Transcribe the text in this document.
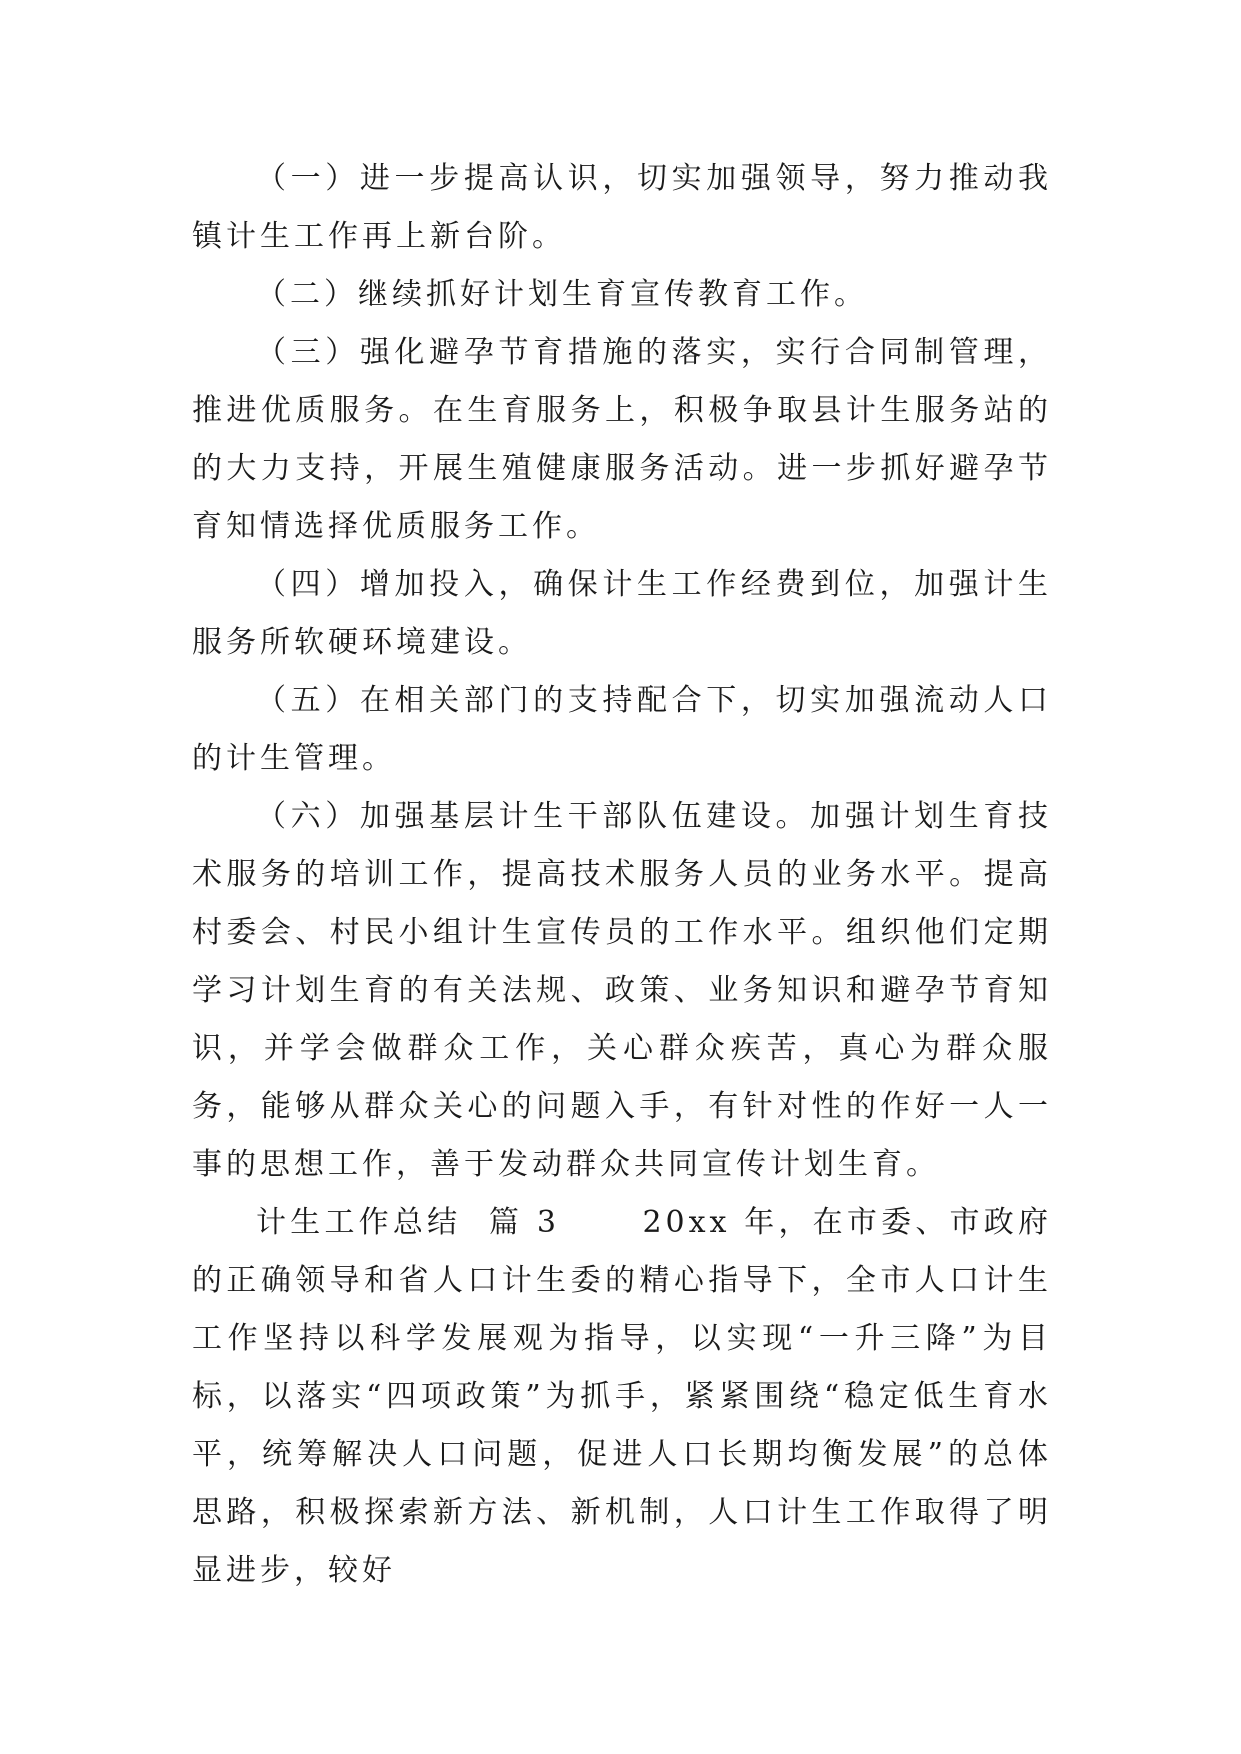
（一）进一步提高认识，切实加强领导，努力推动我镇计生工作再上新台阶。

（二）继续抓好计划生育宣传教育工作。

（三）强化避孕节育措施的落实，实行合同制管理，推进优质服务。在生育服务上，积极争取县计生服务站的的大力支持，开展生殖健康服务活动。进一步抓好避孕节育知情选择优质服务工作。

（四）增加投入，确保计生工作经费到位，加强计生服务所软硬环境建设。

（五）在相关部门的支持配合下，切实加强流动人口的计生管理。

（六）加强基层计生干部队伍建设。加强计划生育技术服务的培训工作，提高技术服务人员的业务水平。提高村委会、村民小组计生宣传员的工作水平。组织他们定期学习计划生育的有关法规、政策、业务知识和避孕节育知识，并学会做群众工作，关心群众疾苦，真心为群众服务，能够从群众关心的问题入手，有针对性的作好一人一事的思想工作，善于发动群众共同宣传计划生育。

计生工作总结  篇 3      20xx 年，在市委、市政府的正确领导和省人口计生委的精心指导下，全市人口计生工作坚持以科学发展观为指导，以实现“一升三降”为目标，以落实“四项政策”为抓手，紧紧围绕“稳定低生育水平，统筹解决人口问题，促进人口长期均衡发展”的总体思路，积极探索新方法、新机制，人口计生工作取得了明显进步，较好
